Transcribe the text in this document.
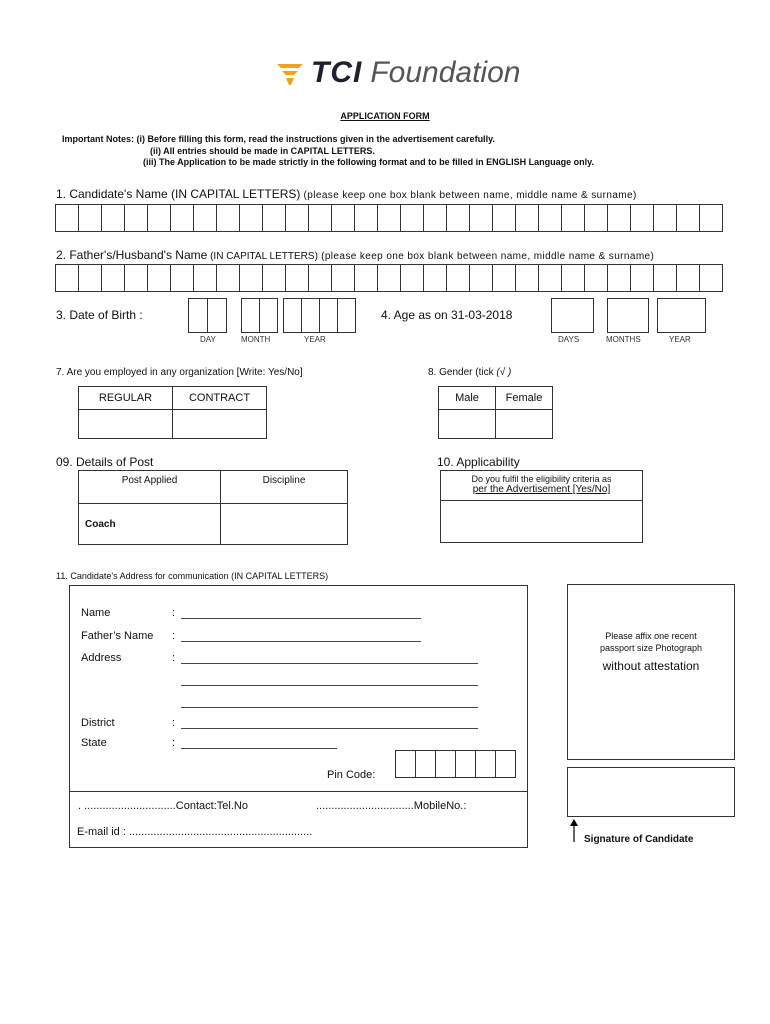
TCI Foundation
APPLICATION FORM
Important Notes: (i) Before filling this form, read the instructions given in the advertisement carefully.
(ii) All entries should be made in CAPITAL LETTERS.
(iii) The Application to be made strictly in the following format and to be filled in ENGLISH Language only.
1. Candidate's Name (IN CAPITAL LETTERS) (please keep one box blank between name, middle name & surname)
2. Father's/Husband's Name (IN CAPITAL LETTERS) (please keep one box blank between name, middle name & surname)
3. Date of Birth :
DAY	MONTH	YEAR
4. Age as on 31-03-2018
DAYS	MONTHS	YEAR
7. Are you employed in any organization [Write: Yes/No]
REGULAR	CONTRACT

8. Gender (tick (√ )
Male	Female

09. Details of Post
Post Applied	Discipline
Coach	
10. Applicability
Do you fulfil the eligibility criteria as
per the Advertisement [Yes/No]
11. Candidate's Address for communication (IN CAPITAL LETTERS)
Name	:
Father’s Name :
Address	:
District	:
State	:
Pin Code:
. ..............................Contact:Tel.No	................................MobileNo.:
E-mail id : ............................................................
Please affix one recent
passport size Photograph
without attestation
Signature of Candidate
